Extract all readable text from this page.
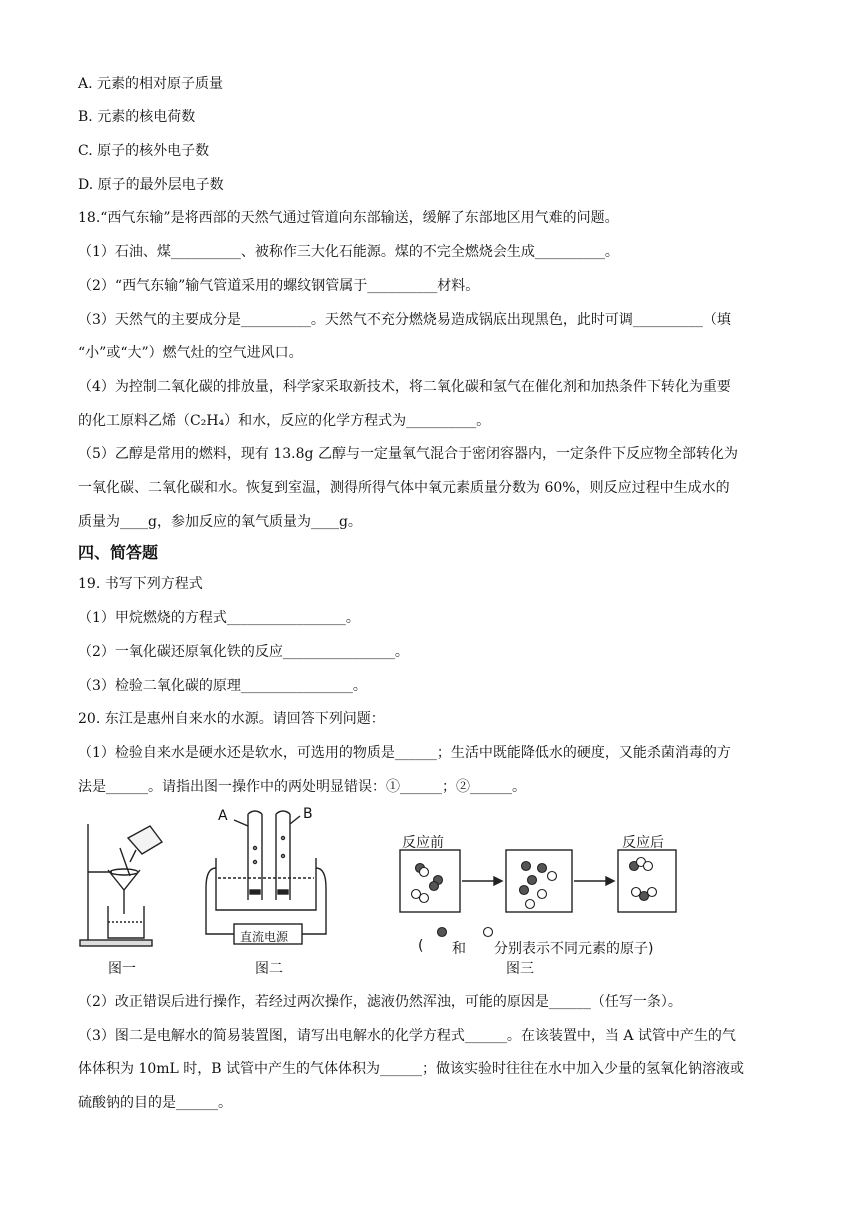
A. 元素的相对原子质量
B. 元素的核电荷数
C. 原子的核外电子数
D. 原子的最外层电子数
18.“西气东输”是将西部的天然气通过管道向东部输送，缓解了东部地区用气难的问题。
（1）石油、煤__________、被称作三大化石能源。煤的不完全燃烧会生成__________。
（2）“西气东输”输气管道采用的螺纹钢管属于__________材料。
（3）天然气的主要成分是__________。天然气不充分燃烧易造成锅底出现黑色，此时可调__________（填
“小”或“大”）燃气灶的空气进风口。
（4）为控制二氧化碳的排放量，科学家采取新技术，将二氧化碳和氢气在催化剂和加热条件下转化为重要
的化工原料乙烯（C₂H₄）和水，反应的化学方程式为__________。
（5）乙醇是常用的燃料，现有 13.8g 乙醇与一定量氧气混合于密闭容器内，一定条件下反应物全部转化为
一氧化碳、二氧化碳和水。恢复到室温，测得所得气体中氧元素质量分数为 60%，则反应过程中生成水的
质量为____g，参加反应的氧气质量为____g。
四、简答题
19. 书写下列方程式
（1）甲烷燃烧的方程式_________________。
（2）一氧化碳还原氧化铁的反应________________。
（3）检验二氧化碳的原理________________。
20. 东江是惠州自来水的水源。请回答下列问题：
（1）检验自来水是硬水还是软水，可选用的物质是______；生活中既能降低水的硬度，又能杀菌消毒的方
法是______。请指出图一操作中的两处明显错误：①______；②______。
图一
A	B
直流电源
图二
反应前	反应后
( 和 分别表示不同元素的原子)
图三
（2）改正错误后进行操作，若经过两次操作，滤液仍然浑浊，可能的原因是______（任写一条）。
（3）图二是电解水的简易装置图，请写出电解水的化学方程式______。在该装置中，当 A 试管中产生的气
体体积为 10mL 时，B 试管中产生的气体体积为______；做该实验时往往在水中加入少量的氢氧化钠溶液或
硫酸钠的目的是______。
